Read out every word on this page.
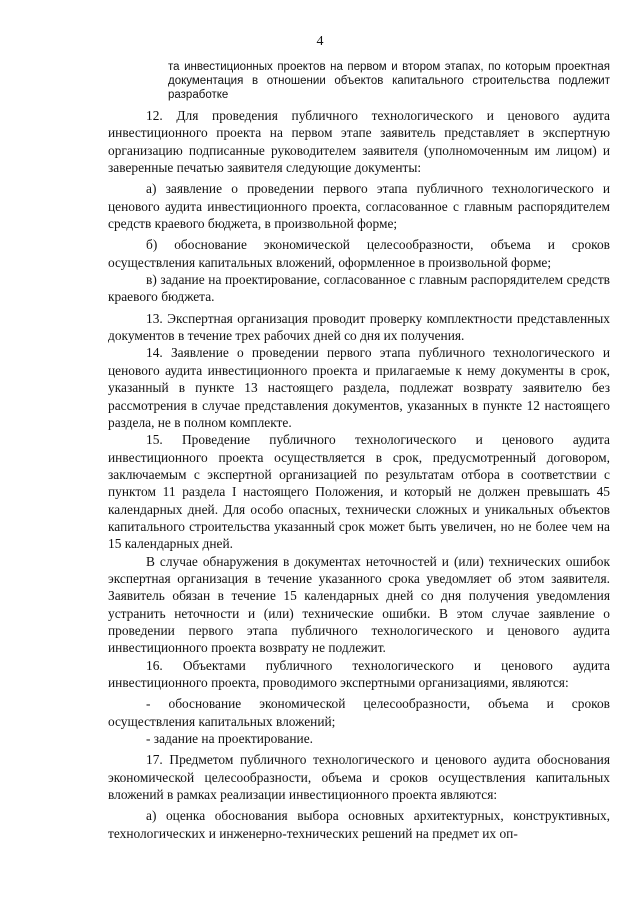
4

та инвестиционных проектов на первом и втором этапах, по которым проектная документация в отношении объектов капитального строительства подлежит разработке

12. Для проведения публичного технологического и ценового аудита инвестиционного проекта на первом этапе заявитель представляет в экспертную организацию подписанные руководителем заявителя (уполномоченным им лицом) и заверенные печатью заявителя следующие документы:

а) заявление о проведении первого этапа публичного технологического и ценового аудита инвестиционного проекта, согласованное с главным распорядителем средств краевого бюджета, в произвольной форме;

б) обоснование экономической целесообразности, объема и сроков осуществления капитальных вложений, оформленное в произвольной форме;

в) задание на проектирование, согласованное с главным распорядителем средств краевого бюджета.

13. Экспертная организация проводит проверку комплектности представленных документов в течение трех рабочих дней со дня их получения.

14. Заявление о проведении первого этапа публичного технологического и ценового аудита инвестиционного проекта и прилагаемые к нему документы в срок, указанный в пункте 13 настоящего раздела, подлежат возврату заявителю без рассмотрения в случае представления документов, указанных в пункте 12 настоящего раздела, не в полном комплекте.

15. Проведение публичного технологического и ценового аудита инвестиционного проекта осуществляется в срок, предусмотренный договором, заключаемым с экспертной организацией по результатам отбора в соответствии с пунктом 11 раздела I настоящего Положения, и который не должен превышать 45 календарных дней. Для особо опасных, технически сложных и уникальных объектов капитального строительства указанный срок может быть увеличен, но не более чем на 15 календарных дней.

В случае обнаружения в документах неточностей и (или) технических ошибок экспертная организация в течение указанного срока уведомляет об этом заявителя. Заявитель обязан в течение 15 календарных дней со дня получения уведомления устранить неточности и (или) технические ошибки. В этом случае заявление о проведении первого этапа публичного технологического и ценового аудита инвестиционного проекта возврату не подлежит.

16. Объектами публичного технологического и ценового аудита инвестиционного проекта, проводимого экспертными организациями, являются:

- обоснование экономической целесообразности, объема и сроков осуществления капитальных вложений;

- задание на проектирование.

17. Предметом публичного технологического и ценового аудита обоснования экономической целесообразности, объема и сроков осуществления капитальных вложений в рамках реализации инвестиционного проекта являются:

а) оценка обоснования выбора основных архитектурных, конструктивных, технологических и инженерно-технических решений на предмет их оп-
